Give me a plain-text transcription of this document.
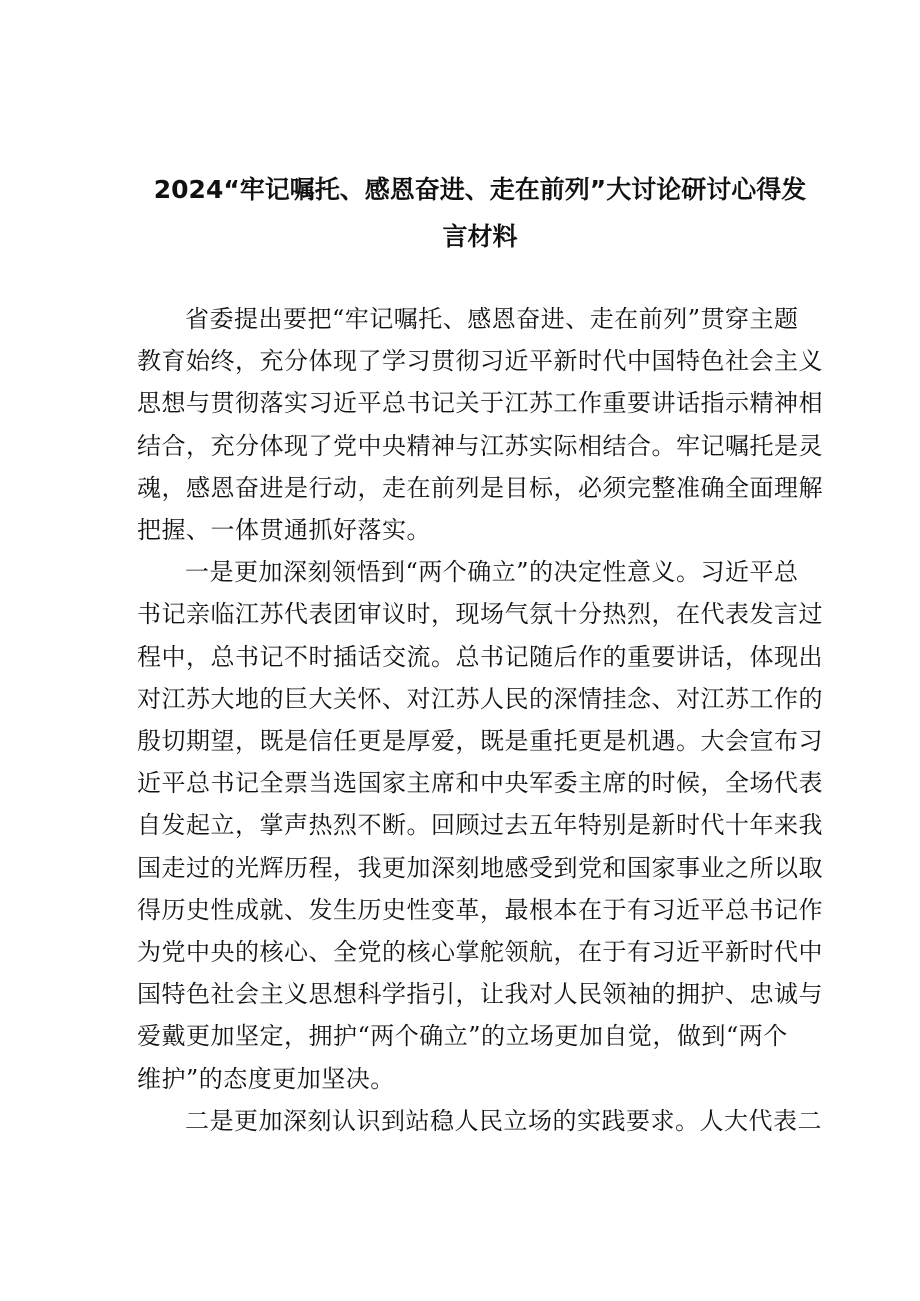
2024“牢记嘱托、感恩奋进、走在前列”大讨论研讨心得发
言材料
省委提出要把“牢记嘱托、感恩奋进、走在前列”贯穿主题
教育始终，充分体现了学习贯彻习近平新时代中国特色社会主义
思想与贯彻落实习近平总书记关于江苏工作重要讲话指示精神相
结合，充分体现了党中央精神与江苏实际相结合。牢记嘱托是灵
魂，感恩奋进是行动，走在前列是目标，必须完整准确全面理解
把握、一体贯通抓好落实。
一是更加深刻领悟到“两个确立”的决定性意义。习近平总
书记亲临江苏代表团审议时，现场气氛十分热烈，在代表发言过
程中，总书记不时插话交流。总书记随后作的重要讲话，体现出
对江苏大地的巨大关怀、对江苏人民的深情挂念、对江苏工作的
殷切期望，既是信任更是厚爱，既是重托更是机遇。大会宣布习
近平总书记全票当选国家主席和中央军委主席的时候，全场代表
自发起立，掌声热烈不断。回顾过去五年特别是新时代十年来我
国走过的光辉历程，我更加深刻地感受到党和国家事业之所以取
得历史性成就、发生历史性变革，最根本在于有习近平总书记作
为党中央的核心、全党的核心掌舵领航，在于有习近平新时代中
国特色社会主义思想科学指引，让我对人民领袖的拥护、忠诚与
爱戴更加坚定，拥护“两个确立”的立场更加自觉，做到“两个
维护”的态度更加坚决。
二是更加深刻认识到站稳人民立场的实践要求。人大代表二
